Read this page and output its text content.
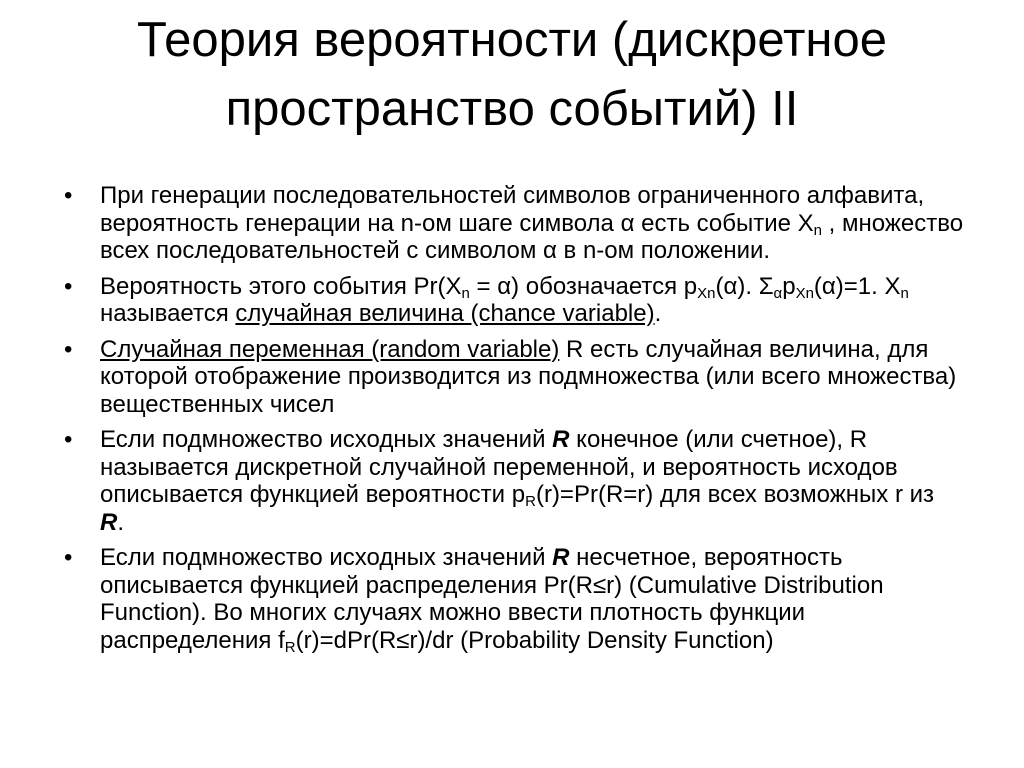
Теория вероятности (дискретное
пространство событий) II
•	При генерации последовательностей символов ограниченного алфавита, вероятность генерации на n-ом шаге символа α есть событие $X_n$ , множество всех последовательностей с символом α в n-ом положении.
•	Вероятность этого события $Pr(X_n = \alpha)$ обозначается $p_{Xn}(\alpha)$. $\Sigma_\alpha p_{Xn}(\alpha)=1$. $X_n$ называется случайная величина (chance variable).
•	Случайная переменная (random variable) R есть случайная величина, для которой отображение производится из подмножества (или всего множества) вещественных чисел
•	Если подмножество исходных значений R конечное (или счетное), R называется дискретной случайной переменной, и вероятность исходов описывается функцией вероятности $p_R(r)=Pr(R=r)$ для всех возможных r из R.
•	Если подмножество исходных значений R несчетное, вероятность описывается функцией распределения Pr(R≤r) (Cumulative Distribution Function). Во многих случаях можно ввести плотность функции распределения $f_R(r)=dPr(R\le r)/dr$ (Probability Density Function)
